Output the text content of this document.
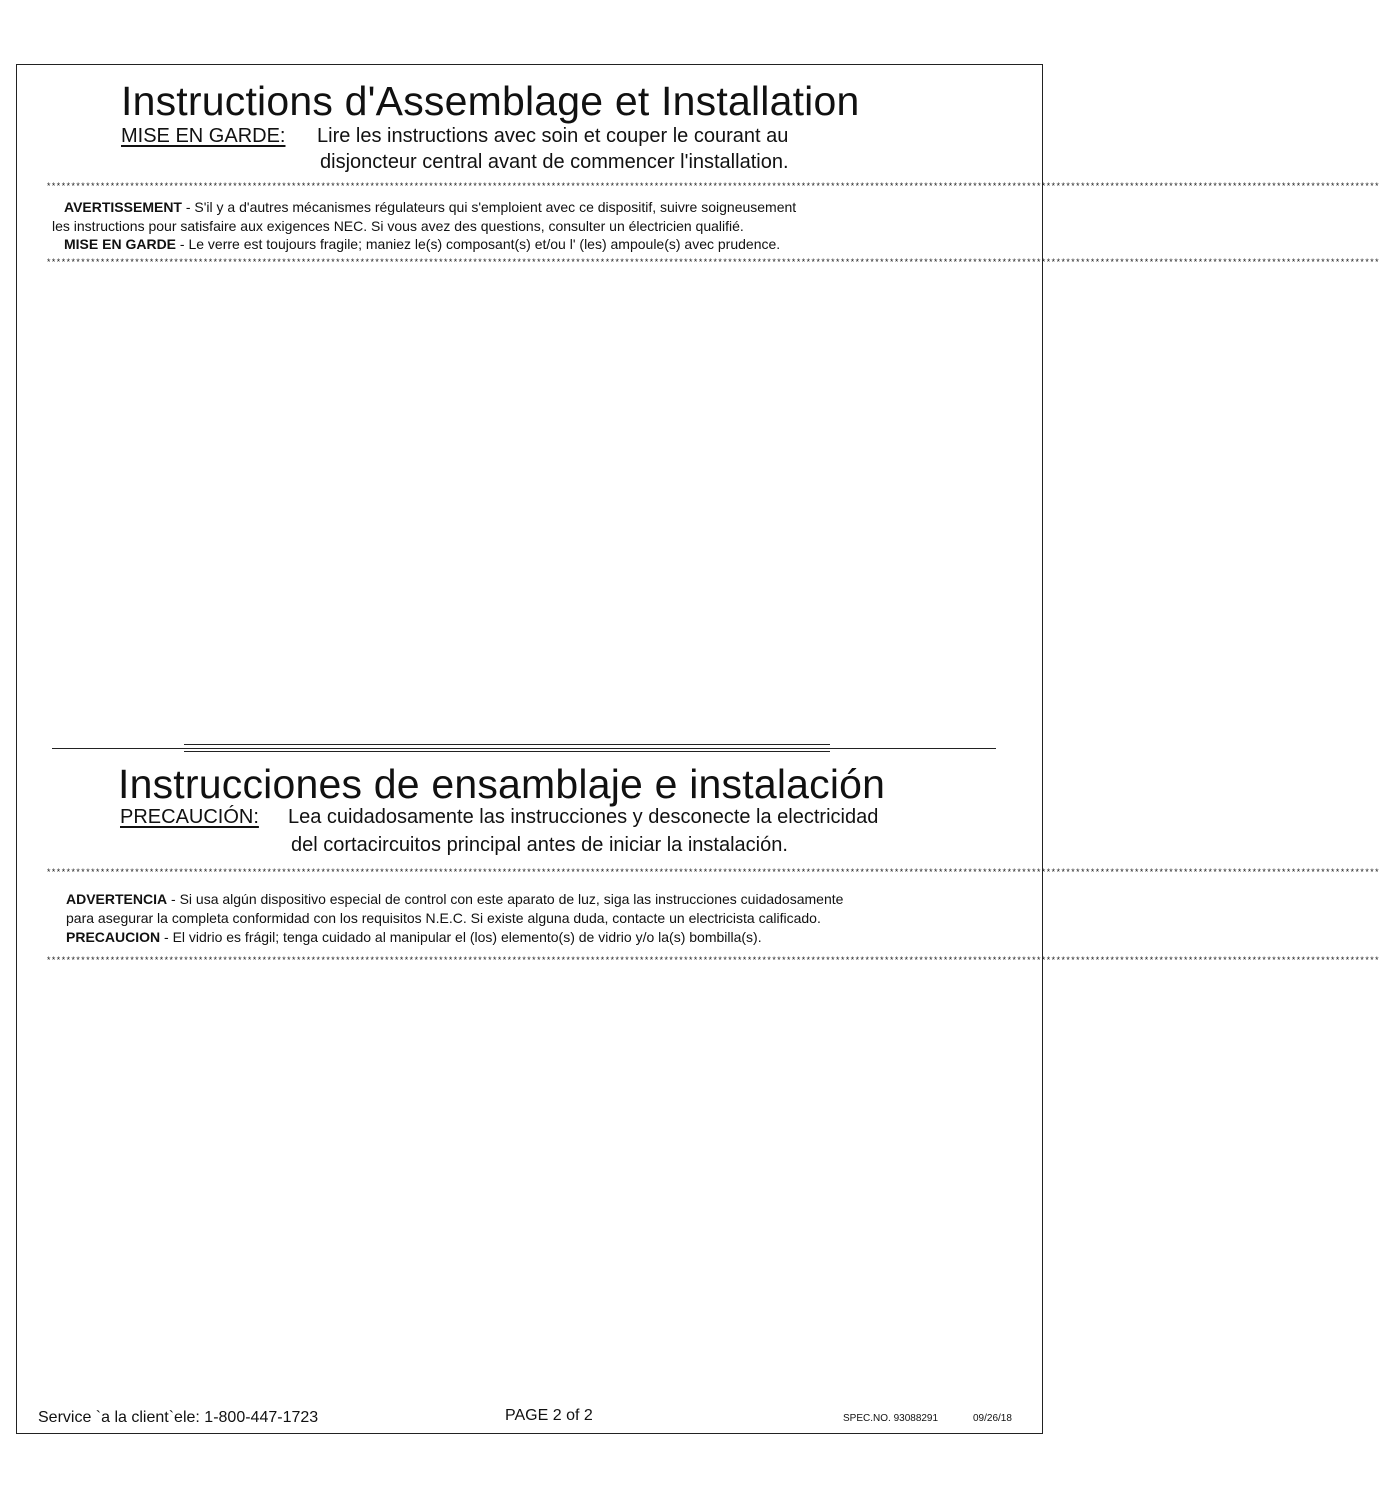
Instructions d'Assemblage et Installation
MISE EN GARDE: Lire les instructions avec soin et couper le courant au
disjoncteur central avant de commencer l'installation.
********************************************************************************************************************************************************************************************************************************************************************************
AVERTISSEMENT - S'il y a d'autres mécanismes régulateurs qui s'emploient avec ce dispositif, suivre soigneusement
les instructions pour satisfaire aux exigences NEC. Si vous avez des questions, consulter un électricien qualifié.
MISE EN GARDE - Le verre est toujours fragile; maniez le(s) composant(s) et/ou l' (les) ampoule(s) avec prudence.
********************************************************************************************************************************************************************************************************************************************************************************
Instrucciones de ensamblaje e instalación
PRECAUCIÓN: Lea cuidadosamente las instrucciones y desconecte la electricidad
del cortacircuitos principal antes de iniciar la instalación.
********************************************************************************************************************************************************************************************************************************************************************************
ADVERTENCIA - Si usa algún dispositivo especial de control con este aparato de luz, siga las instrucciones cuidadosamente
para asegurar la completa conformidad con los requisitos N.E.C. Si existe alguna duda, contacte un electricista calificado.
PRECAUCION - El vidrio es frágil; tenga cuidado al manipular el (los) elemento(s) de vidrio y/o la(s) bombilla(s).
********************************************************************************************************************************************************************************************************************************************************************************
Service `a la client`ele: 1-800-447-1723	PAGE 2 of 2	SPEC.NO. 93088291	09/26/18
